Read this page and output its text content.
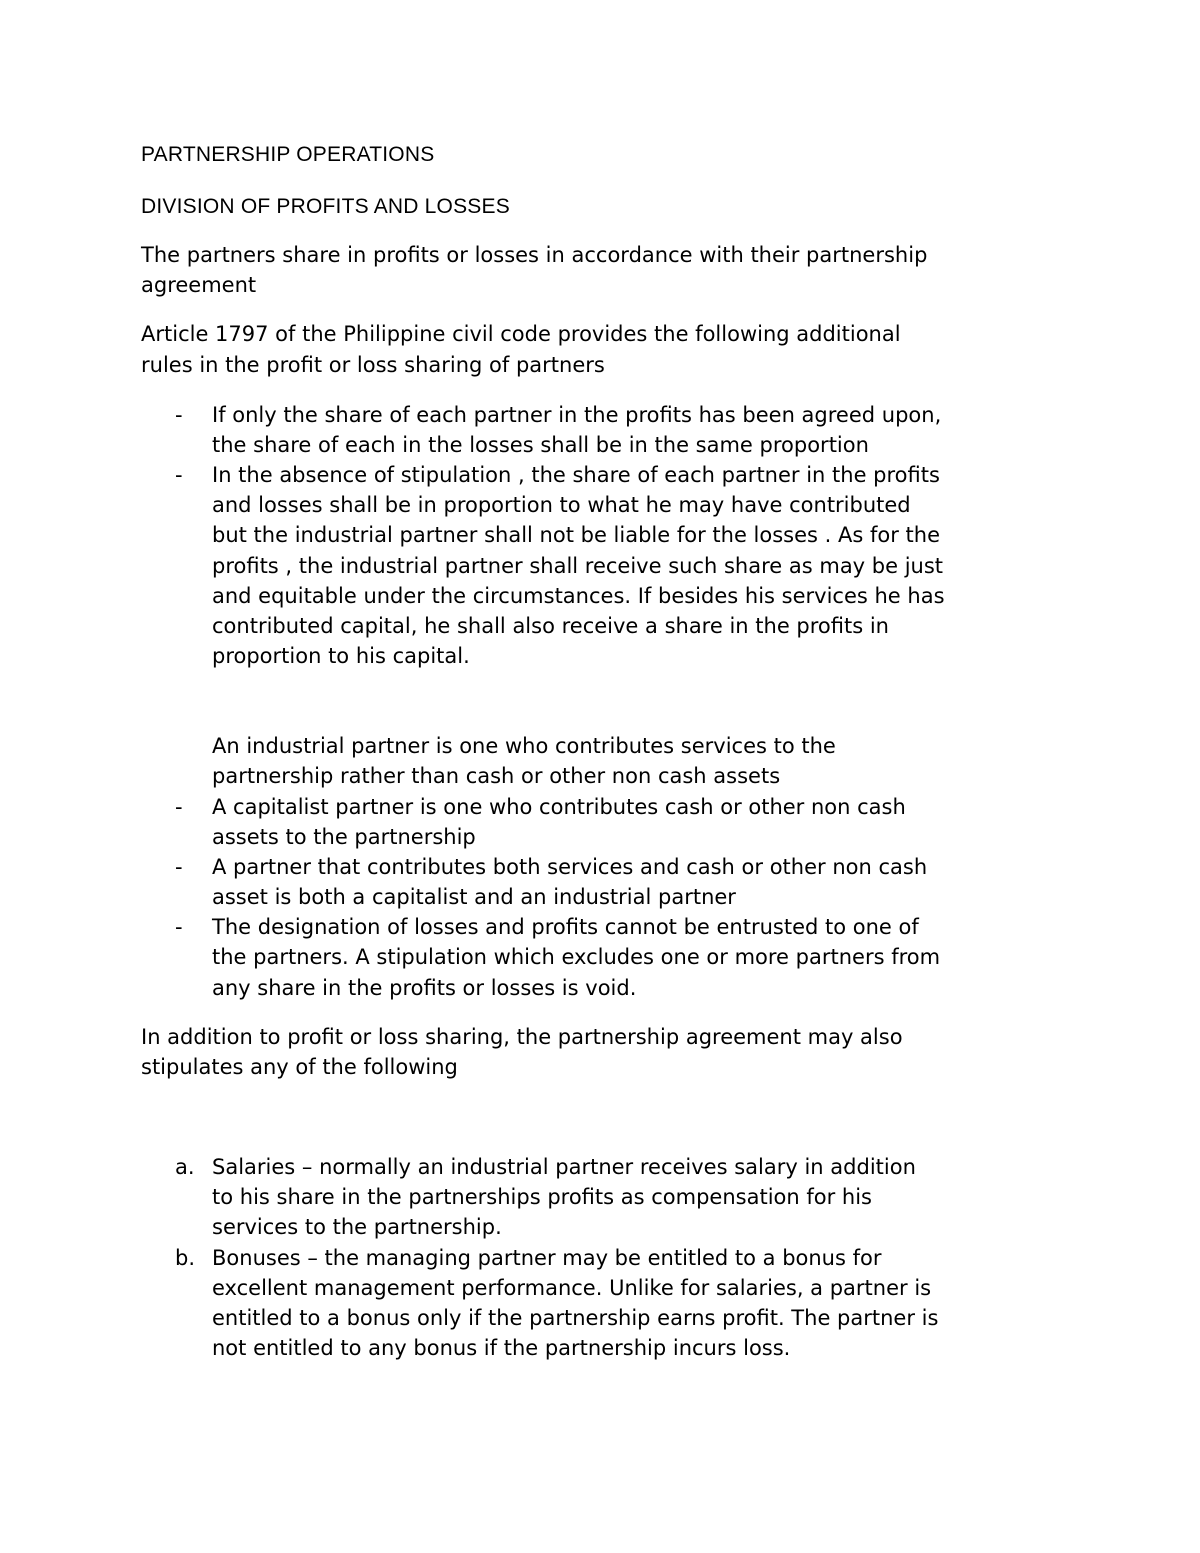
PARTNERSHIP OPERATIONS
DIVISION OF PROFITS AND LOSSES
The partners share in profits or losses in accordance with their partnership
agreement
Article 1797 of the Philippine civil code provides the following additional
rules in the profit or loss sharing of partners
- If only the share of each partner in the profits has been agreed upon,
the share of each in the losses shall be in the same proportion
- In the absence of stipulation , the share of each partner in the profits
and losses shall be in proportion to what he may have contributed
but the industrial partner shall not be liable for the losses . As for the
profits , the industrial partner shall receive such share as may be just
and equitable under the circumstances. If besides his services he has
contributed capital, he shall also receive a share in the profits in
proportion to his capital.
An industrial partner is one who contributes services to the
partnership rather than cash or other non cash assets
- A capitalist partner is one who contributes cash or other non cash
assets to the partnership
- A partner that contributes both services and cash or other non cash
asset is both a capitalist and an industrial partner
- The designation of losses and profits cannot be entrusted to one of
the partners. A stipulation which excludes one or more partners from
any share in the profits or losses is void.
In addition to profit or loss sharing, the partnership agreement may also
stipulates any of the following
a. Salaries – normally an industrial partner receives salary in addition
to his share in the partnerships profits as compensation for his
services to the partnership.
b. Bonuses – the managing partner may be entitled to a bonus for
excellent management performance. Unlike for salaries, a partner is
entitled to a bonus only if the partnership earns profit. The partner is
not entitled to any bonus if the partnership incurs loss.
